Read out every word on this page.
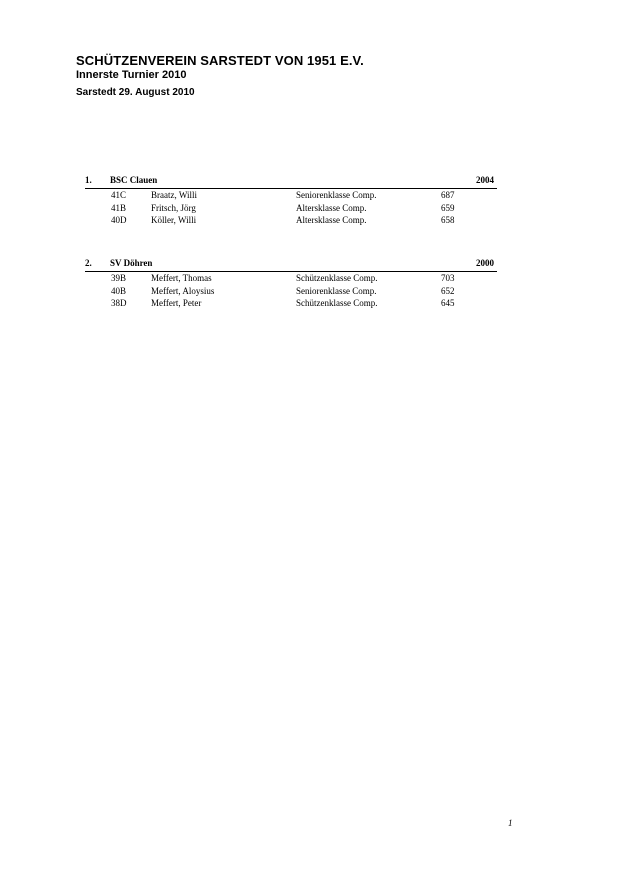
SCHÜTZENVEREIN SARSTEDT VON 1951 E.V.
Innerste Turnier 2010
Sarstedt 29. August 2010
1. BSC Clauen	2004
41C	Braatz, Willi	Seniorenklasse Comp.	687
41B	Fritsch, Jörg	Altersklasse Comp.	659
40D	Köller, Willi	Altersklasse Comp.	658
2. SV Döhren	2000
39B	Meffert, Thomas	Schützenklasse Comp.	703
40B	Meffert, Aloysius	Seniorenklasse Comp.	652
38D	Meffert, Peter	Schützenklasse Comp.	645
1
